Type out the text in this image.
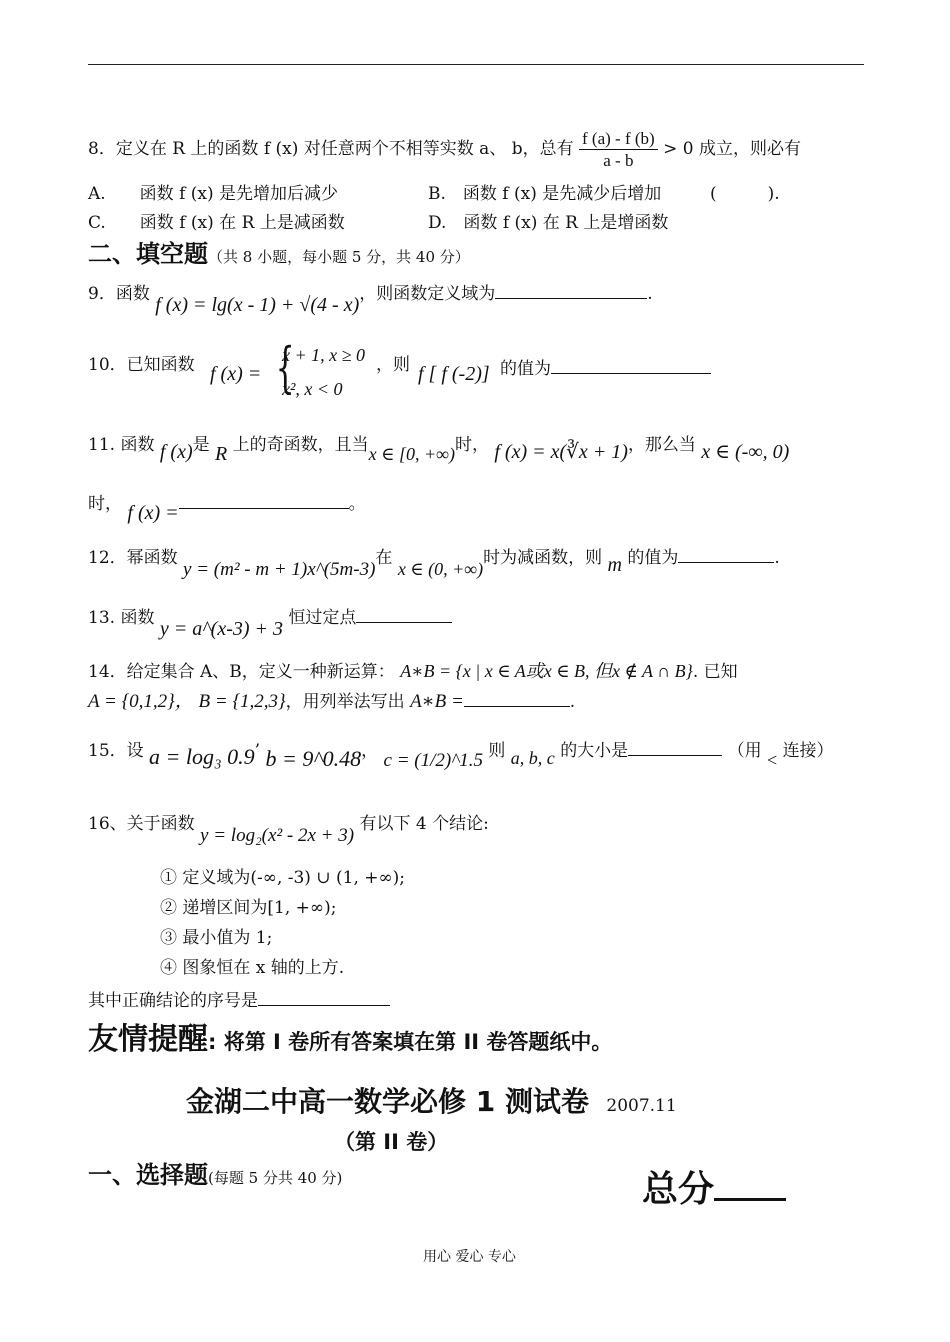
8．定义在 R 上的函数 f (x) 对任意两个不相等实数 a、 b，总有 $\frac{f (a) - f (b)}{a - b} > 0$ 成立，则必有
A.　　函数 f (x) 是先增加后减少	B.　函数 f (x) 是先减少后增加	(　　　).
C.　　函数 f (x) 在 R 上是减函数	D.　函数 f (x) 在 R 上是增函数
二、填空题（共 8 小题，每小题 5 分，共 40 分）
9．函数 f (x) = lg(x - 1) + √(4 - x)，则函数定义域为	.
10．已知函数 f (x) = {
x + 1, x ≥ 0
x², x < 0
，则 f [ f (-2)] 的值为
11. 函数 f (x)是 R 上的奇函数，且当x ∈ [0, +∞)时， f (x) = x(∛x + 1)，那么当 x ∈ (-∞, 0)
时， f (x) =	。
12．幂函数 y = (m² - m + 1)x^(5m-3)在 x ∈ (0, +∞)时为减函数，则 m 的值为	.
13. 函数 y = a^(x-3) + 3 恒过定点
14．给定集合 A、B，定义一种新运算： A∗B = {x | x ∈ A或x ∈ B, 但x ∉ A ∩ B}. 已知
A = {0,1,2}， B = {1,2,3}，用列举法写出 A∗B =	.
15．设 a = log₃ 0.9’ b = 9^0.48， c = (1/2)^1.5 则 a, b, c 的大小是	（用 < 连接）
16、关于函数 y = log₂(x² - 2x + 3) 有以下 4 个结论:
① 定义域为(-∞, -3) ∪ (1, +∞);
② 递增区间为[1, +∞);
③ 最小值为 1;
④ 图象恒在 x 轴的上方.
其中正确结论的序号是
友情提醒: 将第 I 卷所有答案填在第 II 卷答题纸中。
金湖二中高一数学必修 1 测试卷 2007.11
（第 II 卷）
一、选择题(每题 5 分共 40 分)	总分
用心 爱心 专心
